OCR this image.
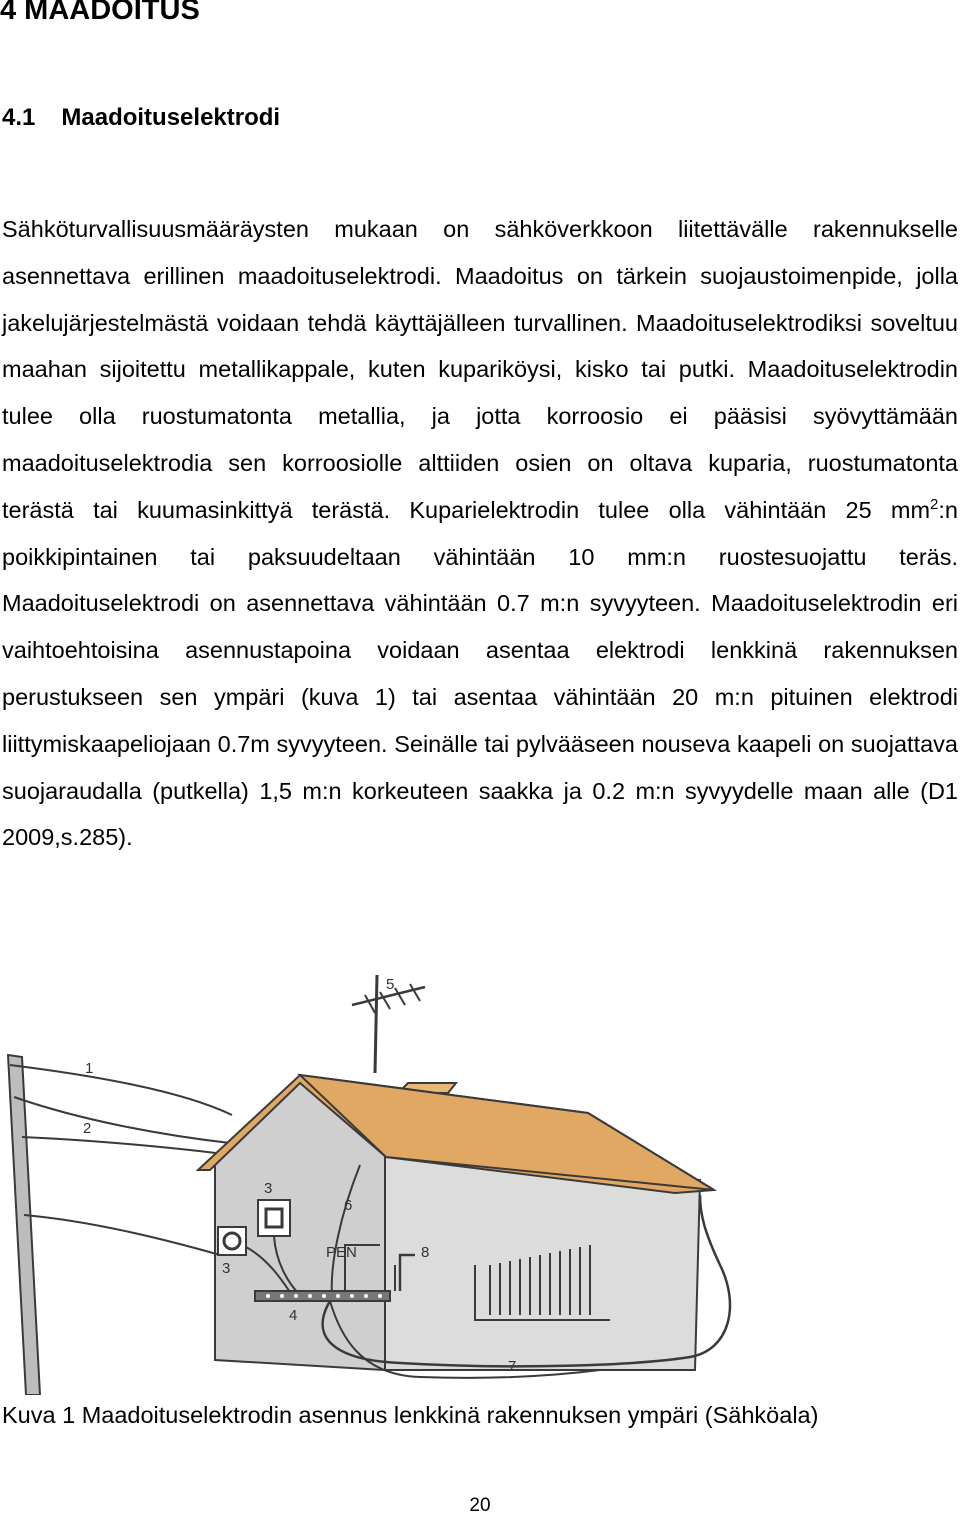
4 MAADOITUS
4.1 Maadoituselektrodi

Sähköturvallisuusmääräysten mukaan on sähköverkkoon liitettävälle rakennukselle asennettava erillinen maadoituselektrodi. Maadoitus on tärkein suojaustoimenpide, jolla jakelujärjestelmästä voidaan tehdä käyttäjälleen turvallinen. Maadoituselektrodiksi soveltuu maahan sijoitettu metallikappale, kuten kupariköysi, kisko tai putki. Maadoituselektrodin tulee olla ruostumatonta metallia, ja jotta korroosio ei pääsisi syövyttämään maadoituselektrodia sen korroosiolle alttiiden osien on oltava kuparia, ruostumatonta terästä tai kuumasinkittyä terästä. Kuparielektrodin tulee olla vähintään 25 $mm^2:n$ poikkipintainen tai paksuudeltaan vähintään 10 mm:n ruostesuojattu teräs. Maadoituselektrodi on asennettava vähintään 0.7 m:n syvyyteen. Maadoituselektrodin eri vaihtoehtoisina asennustapoina voidaan asentaa elektrodi lenkkinä rakennuksen perustukseen sen ympäri (kuva 1) tai asentaa vähintään 20 m:n pituinen elektrodi liittymiskaapeliojaan 0.7m syvyyteen. Seinälle tai pylvääseen nouseva kaapeli on suojattava suojaraudalla (putkella) 1,5 m:n korkeuteen saakka ja 0.2 m:n syvyydelle maan alle (D1 2009,s.285).

1
2
3
3
4
5
6
7
8
PEN

Kuva 1 Maadoituselektrodin asennus lenkkinä rakennuksen ympäri (Sähköala)

20
